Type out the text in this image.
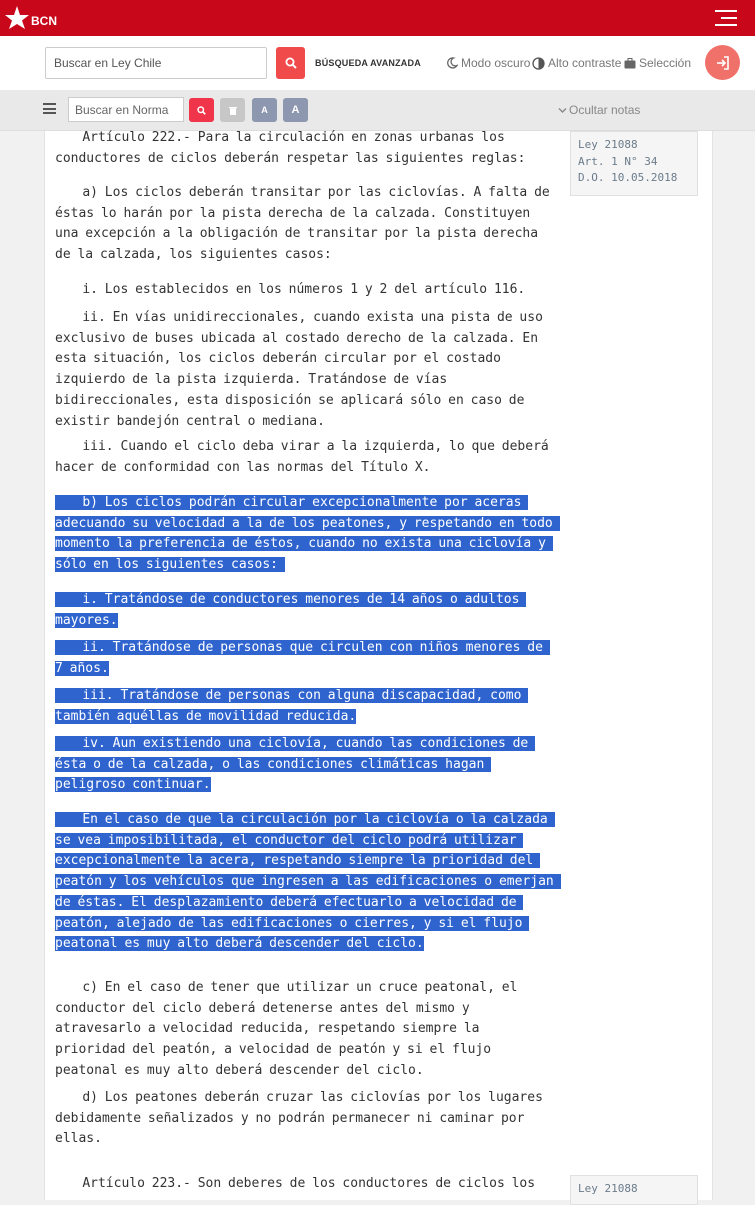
BCN
Buscar en Ley Chile
BÚSQUEDA AVANZADA	Modo oscuro Alto contraste Selección
Buscar en Norma
A	A	Ocultar notas
Artículo 222.- Para la circulación en zonas urbanas los conductores de ciclos deberán respetar las siguientes reglas:
a) Los ciclos deberán transitar por las ciclovías. A falta de éstas lo harán por la pista derecha de la calzada. Constituyen una excepción a la obligación de transitar por la pista derecha de la calzada, los siguientes casos:
i. Los establecidos en los números 1 y 2 del artículo 116.
ii. En vías unidireccionales, cuando exista una pista de uso exclusivo de buses ubicada al costado derecho de la calzada. En esta situación, los ciclos deberán circular por el costado izquierdo de la pista izquierda. Tratándose de vías bidireccionales, esta disposición se aplicará sólo en caso de existir bandejón central o mediana.
iii. Cuando el ciclo deba virar a la izquierda, lo que deberá hacer de conformidad con las normas del Título X.
b) Los ciclos podrán circular excepcionalmente por aceras adecuando su velocidad a la de los peatones, y respetando en todo momento la preferencia de éstos, cuando no exista una ciclovía y sólo en los siguientes casos:
i. Tratándose de conductores menores de 14 años o adultos mayores.
ii. Tratándose de personas que circulen con niños menores de 7 años.
iii. Tratándose de personas con alguna discapacidad, como también aquéllas de movilidad reducida.
iv. Aun existiendo una ciclovía, cuando las condiciones de ésta o de la calzada, o las condiciones climáticas hagan peligroso continuar.
En el caso de que la circulación por la ciclovía o la calzada se vea imposibilitada, el conductor del ciclo podrá utilizar excepcionalmente la acera, respetando siempre la prioridad del peatón y los vehículos que ingresen a las edificaciones o emerjan de éstas. El desplazamiento deberá efectuarlo a velocidad de peatón, alejado de las edificaciones o cierres, y si el flujo peatonal es muy alto deberá descender del ciclo.
c) En el caso de tener que utilizar un cruce peatonal, el conductor del ciclo deberá detenerse antes del mismo y atravesarlo a velocidad reducida, respetando siempre la prioridad del peatón, a velocidad de peatón y si el flujo peatonal es muy alto deberá descender del ciclo.
d) Los peatones deberán cruzar las ciclovías por los lugares debidamente señalizados y no podrán permanecer ni caminar por ellas.
Artículo 223.- Son deberes de los conductores de ciclos los
Ley 21088
Art. 1 N° 34
D.O. 10.05.2018
Ley 21088
